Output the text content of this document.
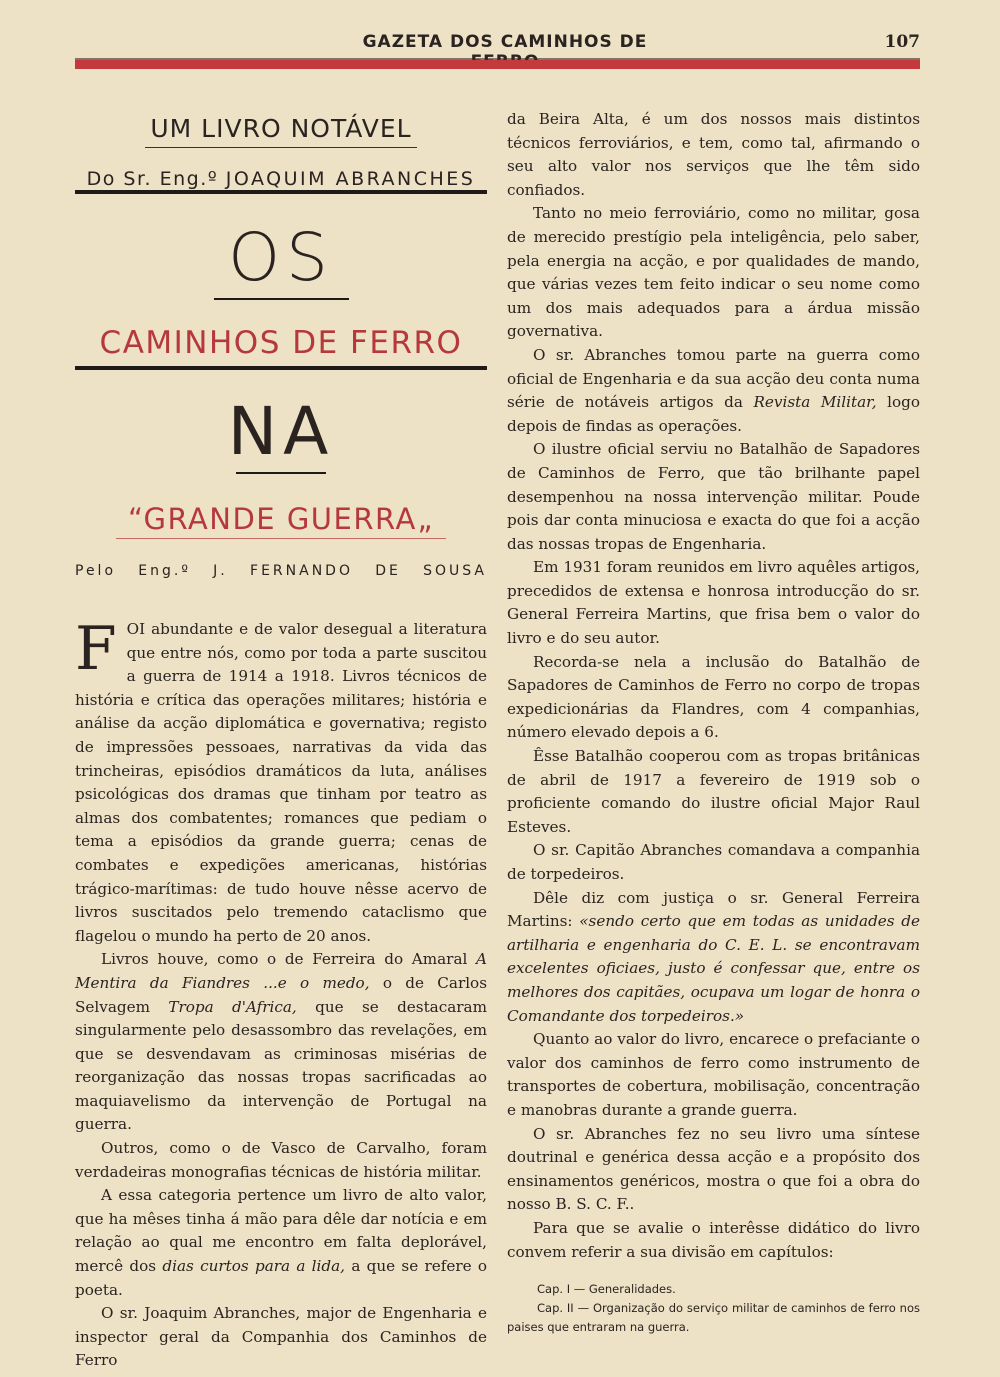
GAZETA DOS CAMINHOS DE	107
UM LIVRO NOTÁVEL
Do Sr. Eng.º JOAQUIM ABRANCHES
OS
CAMINHOS DE FERRO
NA
“GRANDE GUERRA„
Pelo Eng.º J. FERNANDO DE SOUSA

FOI abundante e de valor desegual a literatura que entre nós, como por toda a parte suscitou a guerra de 1914 a 1918. Livros técnicos de história e crítica das operações militares; história e análise da acção diplomática e governativa; registo de impressões pessoaes, narrativas da vida das trincheiras, episódios dramáticos da luta, análises psicológicas dos dramas que tinham por teatro as almas dos combatentes; romances que pediam o tema a episódios da grande guerra; cenas de combates e expedições americanas, histórias trágico-marítimas: de tudo houve nêsse acervo de livros suscitados pelo tremendo cataclismo que flagelou o mundo ha perto de 20 anos.

Livros houve, como o de Ferreira do Amaral A Mentira da Fiandres ...e o medo, o de Carlos Selvagem Tropa d'Africa, que se destacaram singularmente pelo desassombro das revelações, em que se desvendavam as criminosas misérias de reorganização das nossas tropas sacrificadas ao maquiavelismo da intervenção de Portugal na guerra.

Outros, como o de Vasco de Carvalho, foram verdadeiras monografias técnicas de história militar.

A essa categoria pertence um livro de alto valor, que ha mêses tinha á mão para dêle dar notícia e em relação ao qual me encontro em falta deplorável, mercê dos dias curtos para a lida, a que se refere o poeta.

O sr. Joaquim Abranches, major de Engenharia e inspector geral da Companhia dos Caminhos de Ferro

da Beira Alta, é um dos nossos mais distintos técnicos ferroviários, e tem, como tal, afirmando o seu alto valor nos serviços que lhe têm sido confiados.

Tanto no meio ferroviário, como no militar, gosa de merecido prestígio pela inteligência, pelo saber, pela energia na acção, e por qualidades de mando, que várias vezes tem feito indicar o seu nome como um dos mais adequados para a árdua missão governativa.

O sr. Abranches tomou parte na guerra como oficial de Engenharia e da sua acção deu conta numa série de notáveis artigos da Revista Militar, logo depois de findas as operações.

O ilustre oficial serviu no Batalhão de Sapadores de Caminhos de Ferro, que tão brilhante papel desempenhou na nossa intervenção militar. Poude pois dar conta minuciosa e exacta do que foi a acção das nossas tropas de Engenharia.

Em 1931 foram reunidos em livro aquêles artigos, precedidos de extensa e honrosa introducção do sr. General Ferreira Martins, que frisa bem o valor do livro e do seu autor.

Recorda-se nela a inclusão do Batalhão de Sapadores de Caminhos de Ferro no corpo de tropas expedicionárias da Flandres, com 4 companhias, número elevado depois a 6.

Êsse Batalhão cooperou com as tropas britânicas de abril de 1917 a fevereiro de 1919 sob o proficiente comando do ilustre oficial Major Raul Esteves.

O sr. Capitão Abranches comandava a companhia de torpedeiros.

Dêle diz com justiça o sr. General Ferreira Martins: «sendo certo que em todas as unidades de artilharia e engenharia do C. E. L. se encontravam excelentes oficiaes, justo é confessar que, entre os melhores dos capitães, ocupava um logar de honra o Comandante dos torpedeiros.»

Quanto ao valor do livro, encarece o prefaciante o valor dos caminhos de ferro como instrumento de transportes de cobertura, mobilisação, concentração e manobras durante a grande guerra.

O sr. Abranches fez no seu livro uma síntese doutrinal e genérica dessa acção e a propósito dos ensinamentos genéricos, mostra o que foi a obra do nosso B. S. C. F..

Para que se avalie o interêsse didático do livro convem referir a sua divisão em capítulos:

Cap. I — Generalidades.
Cap. II — Organização do serviço militar de caminhos de ferro nos paises que entraram na guerra.
